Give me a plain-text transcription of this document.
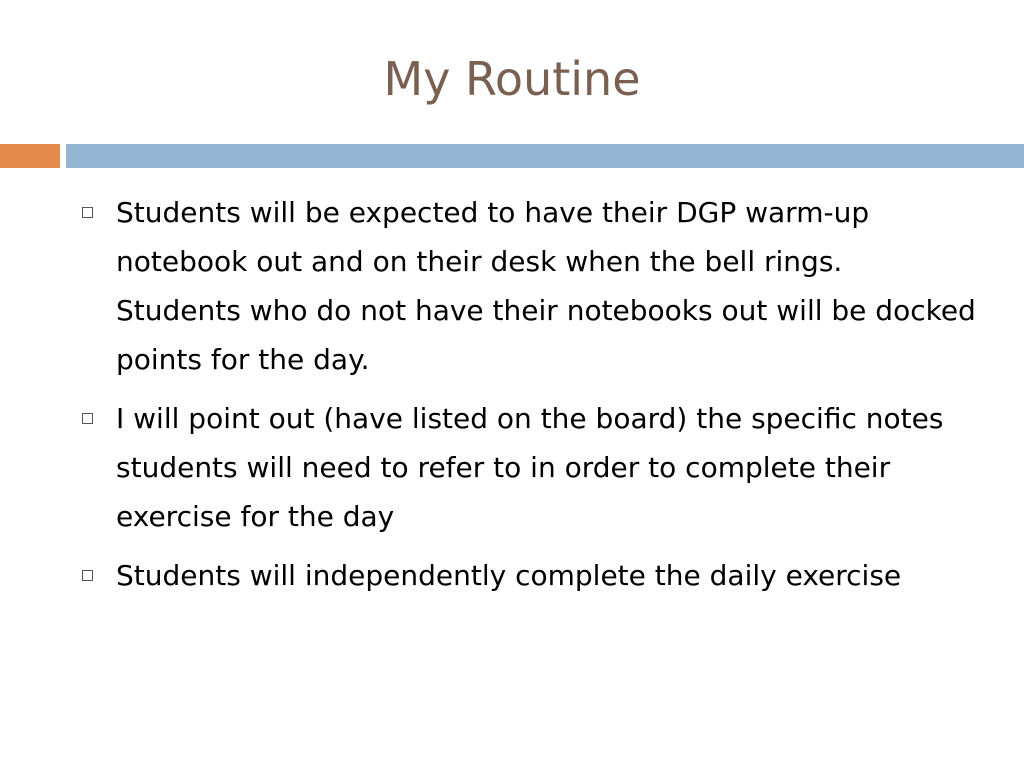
My Routine
Students will be expected to have their DGP warm-up notebook out and on their desk when the bell rings.  Students who do not have their notebooks out will be docked points for the day.
I will point out (have listed on the board) the specific notes students will need to refer to in order to complete their exercise for the day
Students will independently complete the daily exercise
